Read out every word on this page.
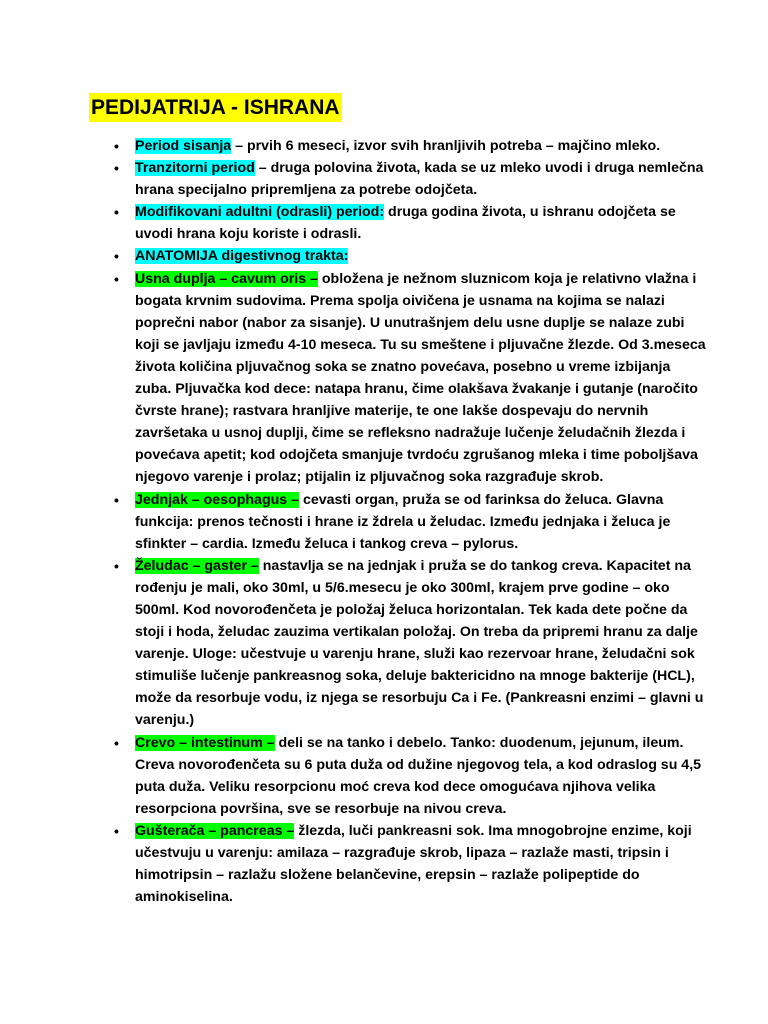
PEDIJATRIJA - ISHRANA
• Period sisanja – prvih 6 meseci, izvor svih hranljivih potreba – majčino mleko.
• Tranzitorni period – druga polovina života, kada se uz mleko uvodi i druga nemlečna hrana specijalno pripremljena za potrebe odojčeta.
• Modifikovani adultni (odrasli) period: druga godina života, u ishranu odojčeta se uvodi hrana koju koriste i odrasli.
• ANATOMIJA digestivnog trakta:
• Usna duplja – cavum oris – obložena je nežnom sluznicom koja je relativno vlažna i bogata krvnim sudovima. Prema spolja oivičena je usnama na kojima se nalazi poprečni nabor (nabor za sisanje). U unutrašnjem delu usne duplje se nalaze zubi koji se javljaju između 4-10 meseca. Tu su smeštene i pljuvačne žlezde. Od 3.meseca života količina pljuvačnog soka se znatno povećava, posebno u vreme izbijanja zuba. Pljuvačka kod dece: natapa hranu, čime olakšava žvakanje i gutanje (naročito čvrste hrane); rastvara hranljive materije, te one lakše dospevaju do nervnih završetaka u usnoj duplji, čime se refleksno nadražuje lučenje želudačnih žlezda i povećava apetit; kod odojčeta smanjuje tvrdoću zgrušanog mleka i time poboljšava njegovo varenje i prolaz; ptijalin iz pljuvačnog soka razgrađuje skrob.
• Jednjak – oesophagus – cevasti organ, pruža se od farinksa do želuca. Glavna funkcija: prenos tečnosti i hrane iz ždrela u želudac. Između jednjaka i želuca je sfinkter – cardia. Između želuca i tankog creva – pylorus.
• Želudac – gaster – nastavlja se na jednjak i pruža se do tankog creva. Kapacitet na rođenju je mali, oko 30ml, u 5/6.mesecu je oko 300ml, krajem prve godine – oko 500ml. Kod novorođenčeta je položaj želuca horizontalan. Tek kada dete počne da stoji i hoda, želudac zauzima vertikalan položaj. On treba da pripremi hranu za dalje varenje. Uloge: učestvuje u varenju hrane, služi kao rezervoar hrane, želudačni sok stimuliše lučenje pankreasnog soka, deluje baktericidno na mnoge bakterije (HCL), može da resorbuje vodu, iz njega se resorbuju Ca i Fe. (Pankreasni enzimi – glavni u varenju.)
• Crevo – intestinum – deli se na tanko i debelo. Tanko: duodenum, jejunum, ileum. Creva novorođenčeta su 6 puta duža od dužine njegovog tela, a kod odraslog su 4,5 puta duža. Veliku resorpcionu moć creva kod dece omogućava njihova velika resorpciona površina, sve se resorbuje na nivou creva.
• Gušterača – pancreas – žlezda, luči pankreasni sok. Ima mnogobrojne enzime, koji učestvuju u varenju: amilaza – razgrađuje skrob, lipaza – razlaže masti, tripsin i himotripsin – razlažu složene belančevine, erepsin – razlaže polipeptide do aminokiselina.
